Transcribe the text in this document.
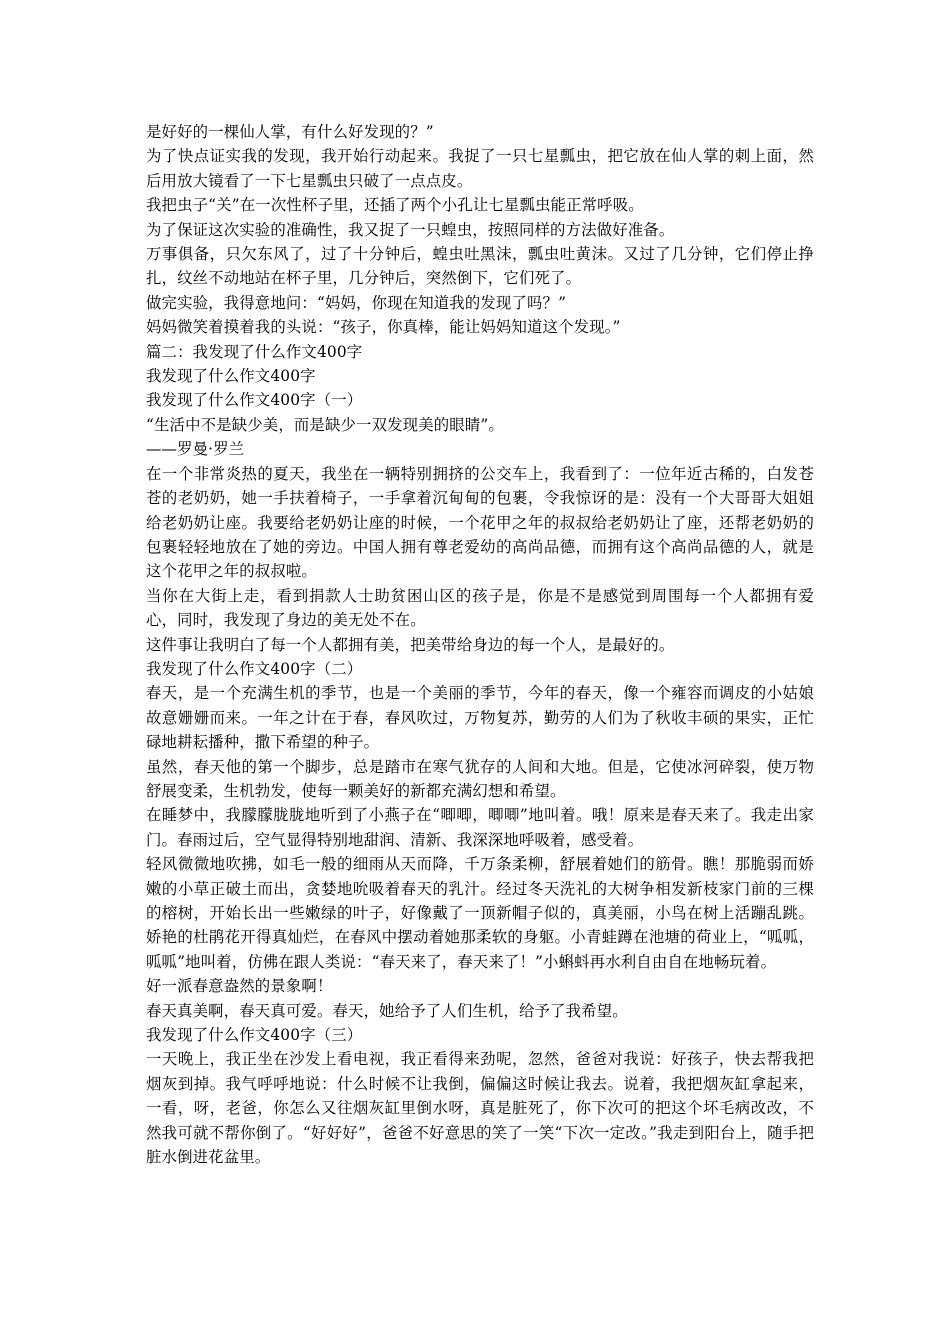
是好好的一棵仙人掌，有什么好发现的？”

为了快点证实我的发现，我开始行动起来。我捉了一只七星瓢虫，把它放在仙人掌的刺上面，然后用放大镜看了一下七星瓢虫只破了一点点皮。

我把虫子“关”在一次性杯子里，还插了两个小孔让七星瓢虫能正常呼吸。

为了保证这次实验的准确性，我又捉了一只蝗虫，按照同样的方法做好准备。

万事俱备，只欠东风了，过了十分钟后，蝗虫吐黑沫，瓢虫吐黄沫。又过了几分钟，它们停止挣扎，纹丝不动地站在杯子里，几分钟后，突然倒下，它们死了。

做完实验，我得意地问：“妈妈，你现在知道我的发现了吗？”

妈妈微笑着摸着我的头说：“孩子，你真棒，能让妈妈知道这个发现。”

篇二：我发现了什么作文400字

我发现了什么作文400字

我发现了什么作文400字（一）

“生活中不是缺少美，而是缺少一双发现美的眼睛”。

——罗曼·罗兰

在一个非常炎热的夏天，我坐在一辆特别拥挤的公交车上，我看到了：一位年近古稀的，白发苍苍的老奶奶，她一手扶着椅子，一手拿着沉甸甸的包裹，令我惊讶的是：没有一个大哥哥大姐姐给老奶奶让座。我要给老奶奶让座的时候，一个花甲之年的叔叔给老奶奶让了座，还帮老奶奶的包裹轻轻地放在了她的旁边。中国人拥有尊老爱幼的高尚品德，而拥有这个高尚品德的人，就是这个花甲之年的叔叔啦。

当你在大街上走，看到捐款人士助贫困山区的孩子是，你是不是感觉到周围每一个人都拥有爱心，同时，我发现了身边的美无处不在。

这件事让我明白了每一个人都拥有美，把美带给身边的每一个人，是最好的。

我发现了什么作文400字（二）

春天，是一个充满生机的季节，也是一个美丽的季节，今年的春天，像一个雍容而调皮的小姑娘故意姗姗而来。一年之计在于春，春风吹过，万物复苏，勤劳的人们为了秋收丰硕的果实，正忙碌地耕耘播种，撒下希望的种子。

虽然，春天他的第一个脚步，总是踏市在寒气犹存的人间和大地。但是，它使冰河碎裂，使万物舒展变柔，生机勃发，使每一颗美好的新都充满幻想和希望。

在睡梦中，我朦朦胧胧地听到了小燕子在“唧唧，唧唧”地叫着。哦！原来是春天来了。我走出家门。春雨过后，空气显得特别地甜润、清新、我深深地呼吸着，感受着。

轻风微微地吹拂，如毛一般的细雨从天而降，千万条柔柳，舒展着她们的筋骨。瞧！那脆弱而娇嫩的小草正破土而出，贪婪地吮吸着春天的乳汁。经过冬天洗礼的大树争相发新枝家门前的三棵的榕树，开始长出一些嫩绿的叶子，好像戴了一顶新帽子似的，真美丽，小鸟在树上活蹦乱跳。娇艳的杜鹃花开得真灿烂，在春风中摆动着她那柔软的身躯。小青蛙蹲在池塘的荷业上，“呱呱，呱呱”地叫着，仿佛在跟人类说：“春天来了，春天来了！”小蝌蚪再水利自由自在地畅玩着。

好一派春意盎然的景象啊！

春天真美啊，春天真可爱。春天，她给予了人们生机，给予了我希望。

我发现了什么作文400字（三）

一天晚上，我正坐在沙发上看电视，我正看得来劲呢，忽然，爸爸对我说：好孩子，快去帮我把烟灰到掉。我气呼呼地说：什么时候不让我倒，偏偏这时候让我去。说着，我把烟灰缸拿起来，一看，呀，老爸，你怎么又往烟灰缸里倒水呀，真是脏死了，你下次可的把这个坏毛病改改，不然我可就不帮你倒了。“好好好”，爸爸不好意思的笑了一笑“下次一定改。”我走到阳台上，随手把脏水倒进花盆里。
